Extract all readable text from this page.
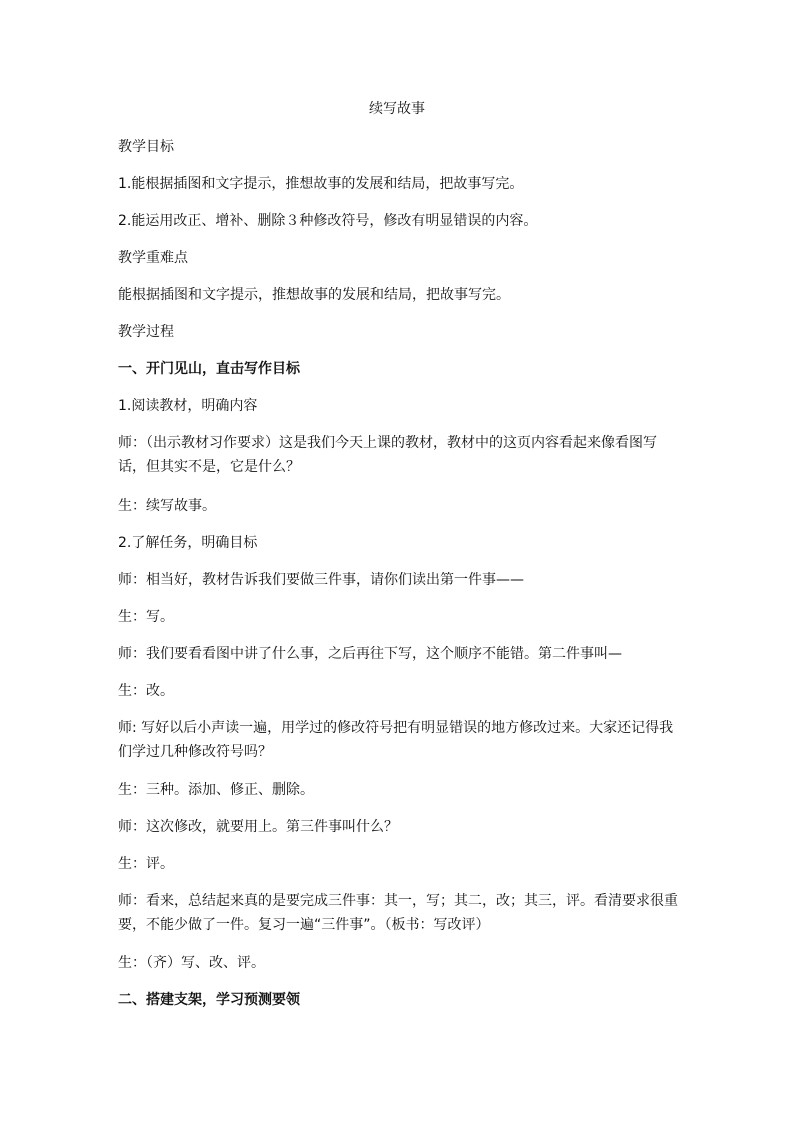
续写故事
教学目标
1.能根据插图和文字提示，推想故事的发展和结局，把故事写完。
2.能运用改正、增补、删除３种修改符号，修改有明显错误的内容。
教学重难点
能根据插图和文字提示，推想故事的发展和结局，把故事写完。
教学过程
一、开门见山，直击写作目标
1.阅读教材，明确内容
师：（出示教材习作要求）这是我们今天上课的教材，教材中的这页内容看起来像看图写话，但其实不是，它是什么？
生：续写故事。
2.了解任务，明确目标
师：相当好，教材告诉我们要做三件事，请你们读出第一件事——
生：写。
师：我们要看看图中讲了什么事，之后再往下写，这个顺序不能错。第二件事叫—
生：改。
师: 写好以后小声读一遍，用学过的修改符号把有明显错误的地方修改过来。大家还记得我们学过几种修改符号吗？
生：三种。添加、修正、删除。
师：这次修改，就要用上。第三件事叫什么？
生：评。
师：看来，总结起来真的是要完成三件事：其一，写；其二，改；其三，评。看清要求很重要，不能少做了一件。复习一遍“三件事”。（板书：写改评）
生：（齐）写、改、评。
二、搭建支架，学习预测要领
